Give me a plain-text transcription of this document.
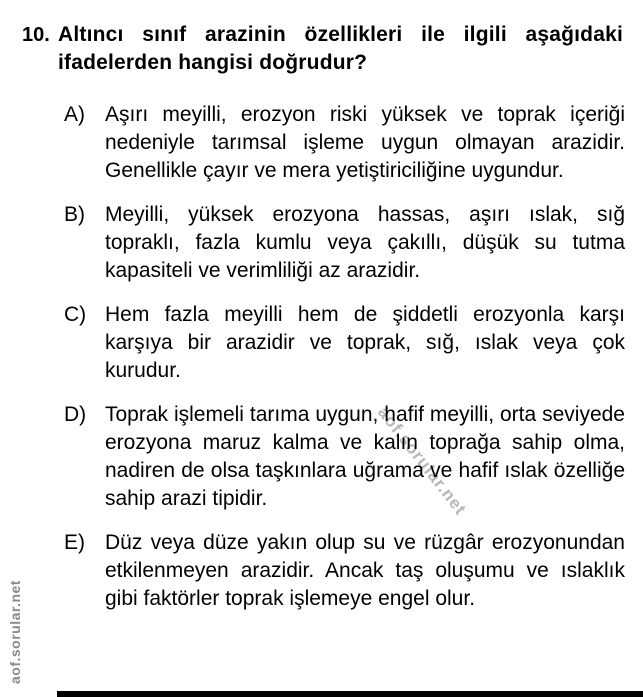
aof.sorular.net
aof.sorular.net
10. Altıncı sınıf arazinin özellikleri ile ilgili aşağıdaki ifadelerden hangisi doğrudur?

A) Aşırı meyilli, erozyon riski yüksek ve toprak içeriği nedeniyle tarımsal işleme uygun olmayan arazidir. Genellikle çayır ve mera yetiştiriciliğine uygundur.

B) Meyilli, yüksek erozyona hassas, aşırı ıslak, sığ topraklı, fazla kumlu veya çakıllı, düşük su tutma kapasiteli ve verimliliği az arazidir.

C) Hem fazla meyilli hem de şiddetli erozyonla karşı karşıya bir arazidir ve toprak, sığ, ıslak veya çok kurudur.

D) Toprak işlemeli tarıma uygun, hafif meyilli, orta seviyede erozyona maruz kalma ve kalın toprağa sahip olma, nadiren de olsa taşkınlara uğrama ve hafif ıslak özelliğe sahip arazi tipidir.

E) Düz veya düze yakın olup su ve rüzgâr erozyonundan etkilenmeyen arazidir. Ancak taş oluşumu ve ıslaklık gibi faktörler toprak işlemeye engel olur.
